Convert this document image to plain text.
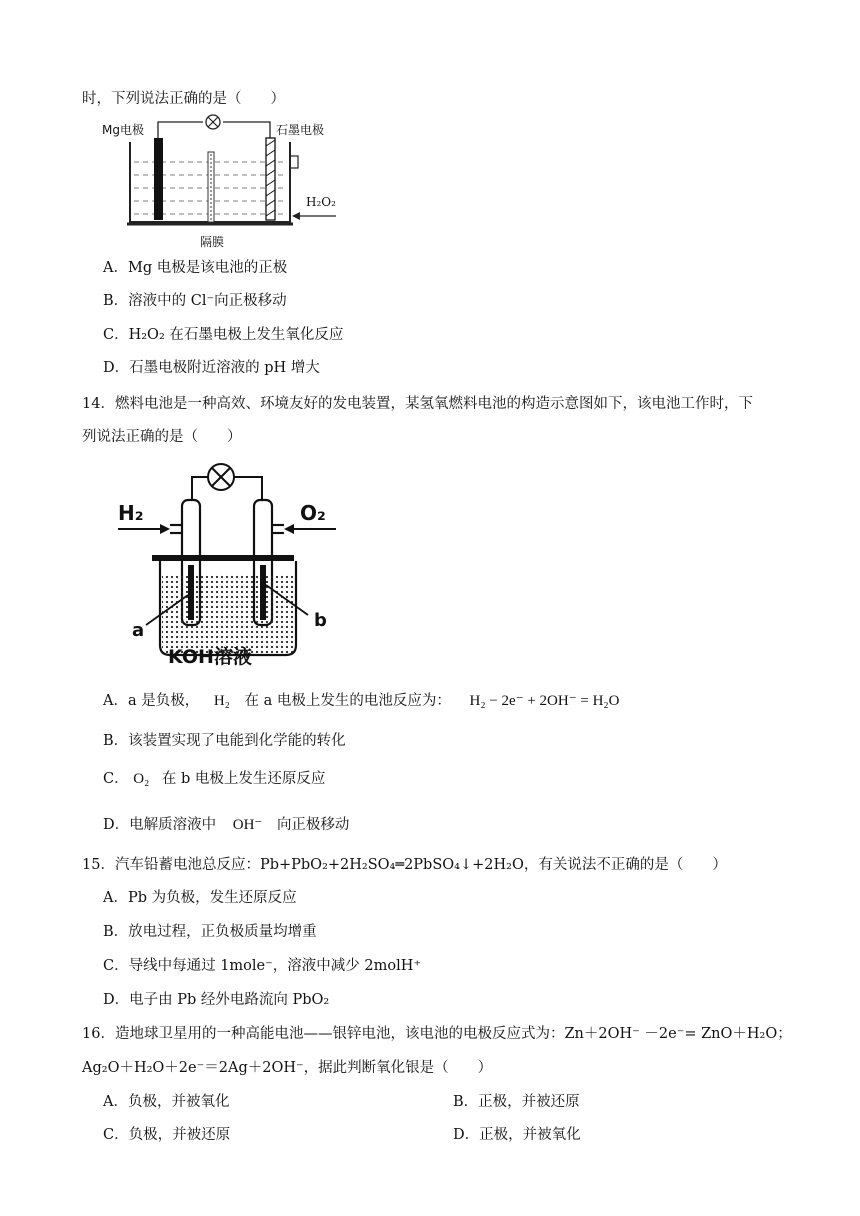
时，下列说法正确的是（　　）
Mg电极	石墨电极
H₂O₂
隔膜
A．Mg 电极是该电池的正极
B．溶液中的 Cl⁻向正极移动
C．H₂O₂ 在石墨电极上发生氧化反应
D．石墨电极附近溶液的 pH 增大
14．燃料电池是一种高效、环境友好的发电装置，某氢氧燃料电池的构造示意图如下，该电池工作时，下
列说法正确的是（　　）
H₂	O₂
a	b
KOH溶液
A．a 是负极， H₂ 在 a 电极上发生的电池反应为： H₂ − 2e⁻ + 2OH⁻ = H₂O
B．该装置实现了电能到化学能的转化
C． O₂ 在 b 电极上发生还原反应
D．电解质溶液中 OH⁻ 向正极移动
15．汽车铅蓄电池总反应：Pb+PbO₂+2H₂SO₄═2PbSO₄↓+2H₂O，有关说法不正确的是（　　）
A．Pb 为负极，发生还原反应
B．放电过程，正负极质量均增重
C．导线中每通过 1mole⁻，溶液中减少 2molH⁺
D．电子由 Pb 经外电路流向 PbO₂
16．造地球卫星用的一种高能电池——银锌电池，该电池的电极反应式为：Zn＋2OH⁻ －2e⁻= ZnO＋H₂O；
Ag₂O＋H₂O＋2e⁻＝2Ag＋2OH⁻，据此判断氧化银是（　　）
A．负极，并被氧化	B．正极，并被还原
C．负极，并被还原	D．正极，并被氧化
